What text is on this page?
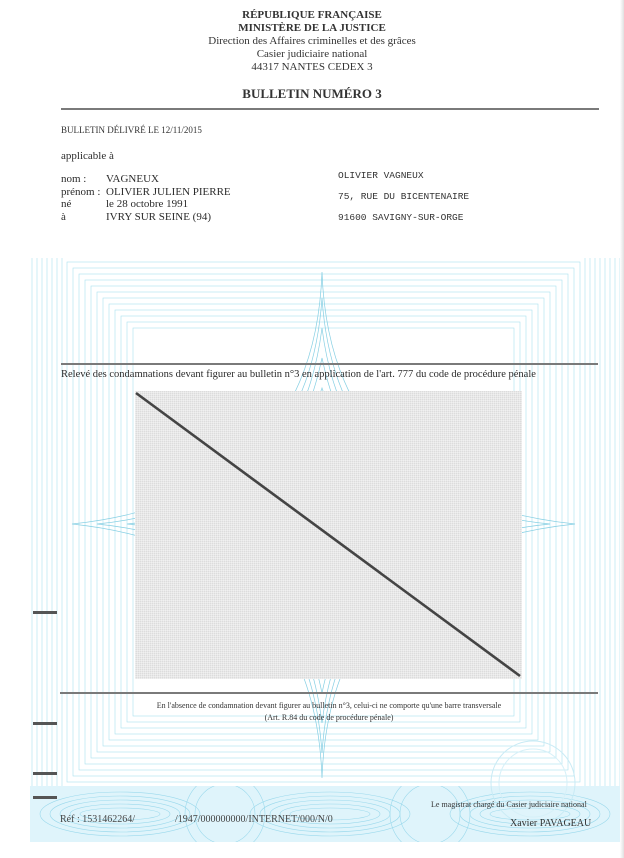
RÉPUBLIQUE FRANÇAISE
MINISTÈRE DE LA JUSTICE
Direction des Affaires criminelles et des grâces
Casier judiciaire national
44317 NANTES CEDEX 3
BULLETIN NUMÉRO 3
BULLETIN DÉLIVRÉ LE 12/11/2015
applicable à
nom :	VAGNEUX
prénom : OLIVIER JULIEN PIERRE
né	le 28 octobre 1991
à	IVRY SUR SEINE (94)
OLIVIER VAGNEUX
75, RUE DU BICENTENAIRE
91600 SAVIGNY-SUR-ORGE
Relevé des condamnations devant figurer au bulletin n°3 en application de l'art. 777 du code de procédure pénale
En l'absence de condamnation devant figurer au bulletin n°3, celui-ci ne comporte qu'une barre transversale
(Art. R.84 du code de procédure pénale)
Réf : 1531462264/	/1947/000000000/INTERNET/000/N/0
Le magistrat chargé du Casier judiciaire national
Xavier PAVAGEAU
